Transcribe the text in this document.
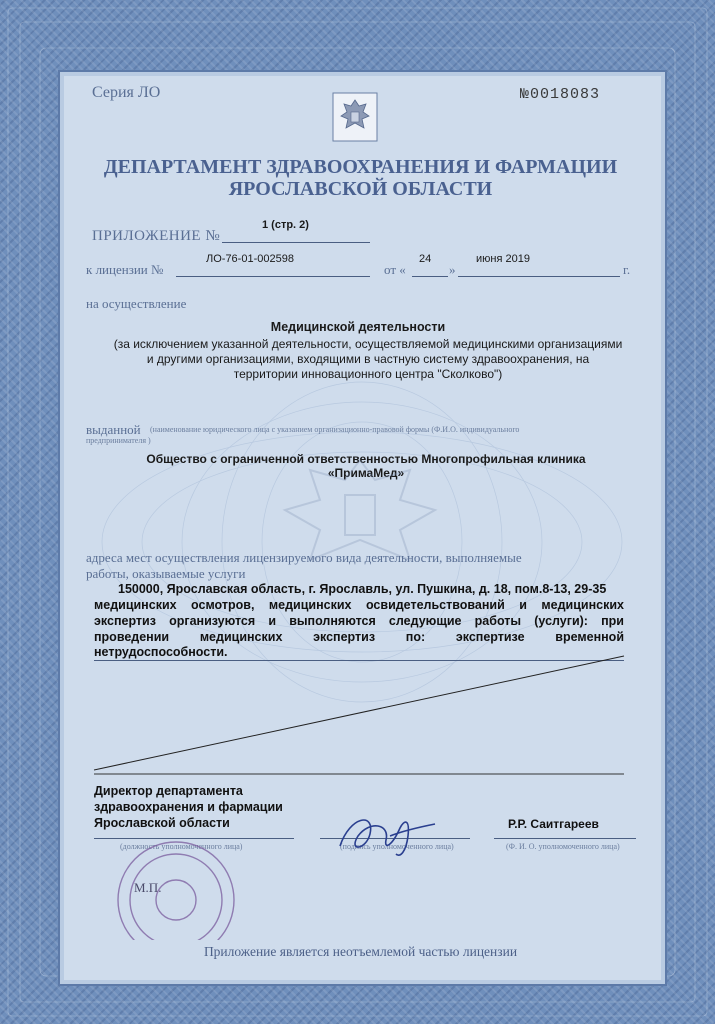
Серия ЛО	№0018083
ДЕПАРТАМЕНТ ЗДРАВООХРАНЕНИЯ И ФАРМАЦИИ
ЯРОСЛАВСКОЙ ОБЛАСТИ
ПРИЛОЖЕНИЕ №
1 (стр. 2)
к лицензии №
ЛО-76-01-002598
от «
24
»
июня 2019
г.
на осуществление
Медицинской деятельности
(за исключением указанной деятельности, осуществляемой медицинскими организациями
и другими организациями, входящими в частную систему здравоохранения, на
территории инновационного центра "Сколково")
выданной (наименование юридического лица с указанием организационно-правовой формы (Ф.И.О. индивидуального
предпринимателя )
Общество с ограниченной ответственностью Многопрофильная клиника
«ПримаМед»
адреса мест осуществления лицензируемого вида деятельности, выполняемые
работы, оказываемые услуги
150000, Ярославская область, г. Ярославль, ул. Пушкина, д. 18, пом.8-13, 29-35
медицинских осмотров, медицинских освидетельствований и медицинских
экспертиз организуются и выполняются следующие работы (услуги): при
проведении медицинских экспертиз по: экспертизе временной
нетрудоспособности.
Директор департамента
здравоохранения и фармации
Ярославской области	Р.Р. Саитгареев
(должность уполномоченного лица)	(подпись уполномоченного лица)	(Ф. И. О. уполномоченного лица)
М.П.
Приложение является неотъемлемой частью лицензии
